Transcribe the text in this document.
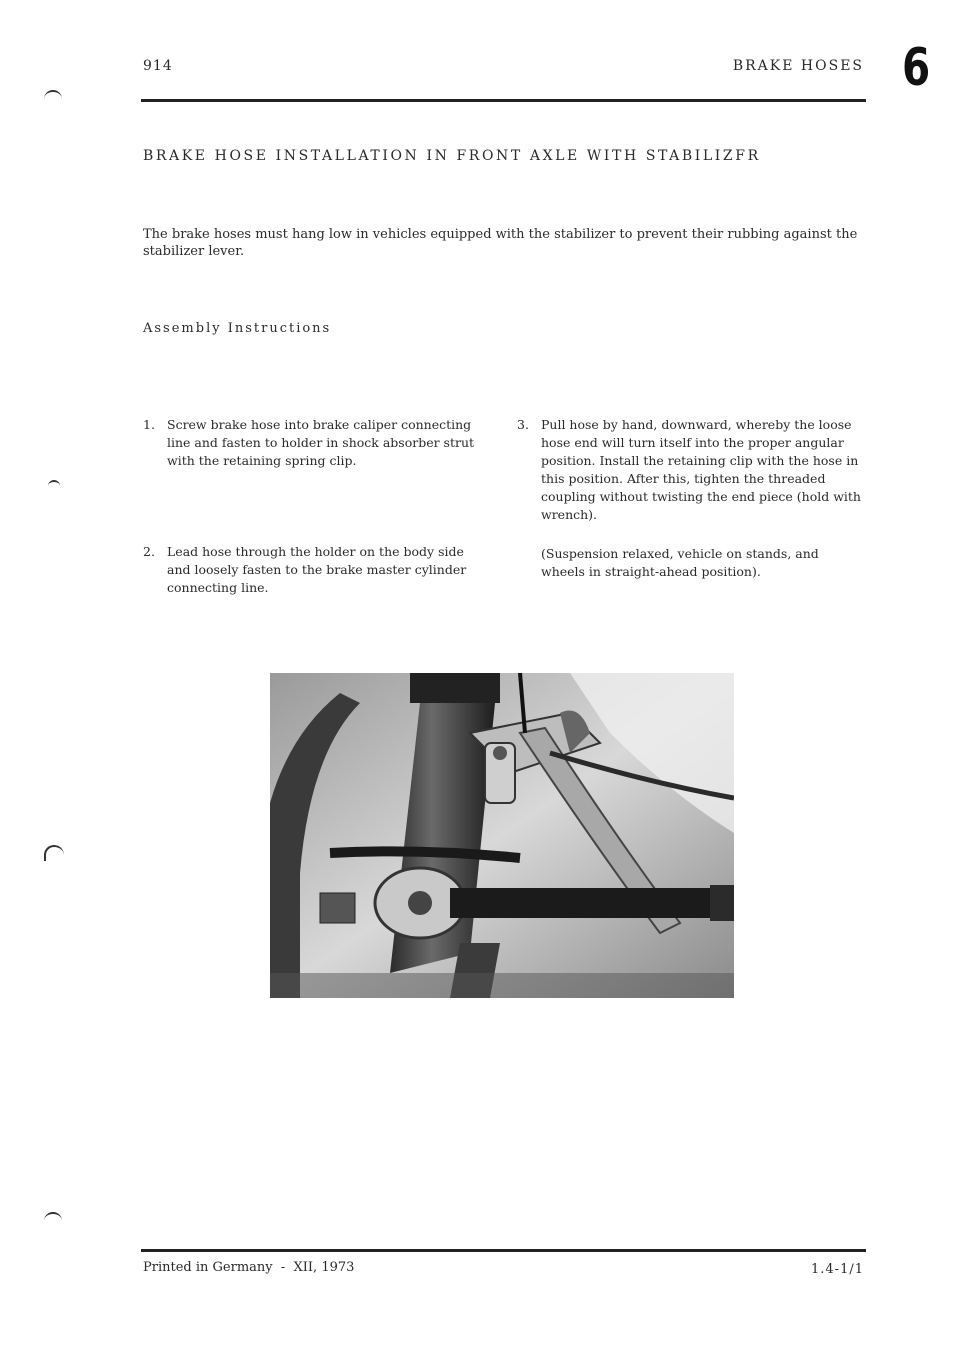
914	BRAKE HOSES 6
BRAKE HOSE INSTALLATION IN FRONT AXLE WITH STABILIZFR
The brake hoses must hang low in vehicles equipped with the stabilizer to prevent their rubbing against the stabilizer lever.
Assembly Instructions
1. Screw brake hose into brake caliper connecting line and fasten to holder in shock absorber strut with the retaining spring clip.
2. Lead hose through the holder on the body side and loosely fasten to the brake master cylinder connecting line.
3. Pull hose by hand, downward, whereby the loose hose end will turn itself into the proper angular position. Install the retaining clip with the hose in this position. After this, tighten the threaded coupling without twisting the end piece (hold with wrench).
(Suspension relaxed, vehicle on stands, and wheels in straight-ahead position).
Printed in Germany  -  XII, 1973	1.4-1/1
